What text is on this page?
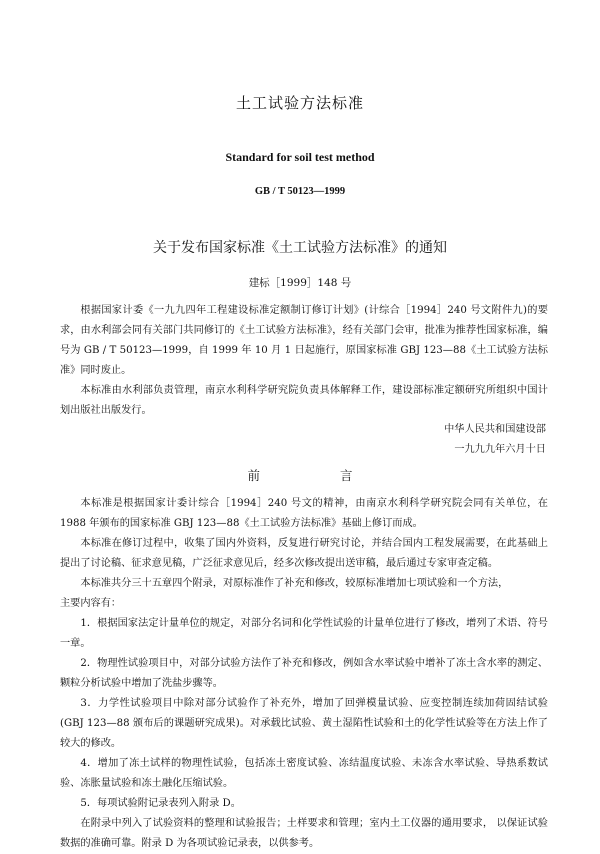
土工试验方法标准
Standard for soil test method
GB / T 50123—1999
关于发布国家标准《土工试验方法标准》的通知
建标［1999］148 号

根据国家计委《一九九四年工程建设标准定额制订修订计划》(计综合［1994］240 号文附件九)的要求，由水利部会同有关部门共同修订的《土工试验方法标准》，经有关部门会审，批准为推荐性国家标准，编号为 GB / T 50123—1999，自 1999 年 10 月 1 日起施行，原国家标准 GBJ 123—88《土工试验方法标准》同时废止。

本标准由水利部负责管理，南京水利科学研究院负责具体解释工作，建设部标准定额研究所组织中国计划出版社出版发行。

中华人民共和国建设部
一九九九年六月十日
前	言

本标准是根据国家计委计综合［1994］240 号文的精神，由南京水利科学研究院会同有关单位，在 1988 年颁布的国家标准 GBJ 123—88《土工试验方法标准》基础上修订而成。

本标准在修订过程中，收集了国内外资料，反复进行研究讨论，并结合国内工程发展需要，在此基础上提出了讨论稿、征求意见稿，广泛征求意见后，经多次修改提出送审稿，最后通过专家审查定稿。

本标准共分三十五章四个附录，对原标准作了补充和修改，较原标准增加七项试验和一个方法，

主要内容有：

1．根据国家法定计量单位的规定，对部分名词和化学性试验的计量单位进行了修改，增列了术语、符号一章。

2．物理性试验项目中，对部分试验方法作了补充和修改，例如含水率试验中增补了冻土含水率的测定、颗粒分析试验中增加了洗盐步骤等。

3．力学性试验项目中除对部分试验作了补充外，增加了回弹模量试验、应变控制连续加荷固结试验(GBJ 123—88 颁布后的课题研究成果)。对承载比试验、黄土湿陷性试验和土的化学性试验等在方法上作了较大的修改。

4．增加了冻土试样的物理性试验，包括冻土密度试验、冻结温度试验、未冻含水率试验、导热系数试验、冻胀量试验和冻土融化压缩试验。

5．每项试验附记录表列入附录 D。

在附录中列入了试验资料的整理和试验报告；土样要求和管理；室内土工仪器的通用要求， 以保证试验数据的准确可靠。附录 D 为各项试验记录表，以供参考。
